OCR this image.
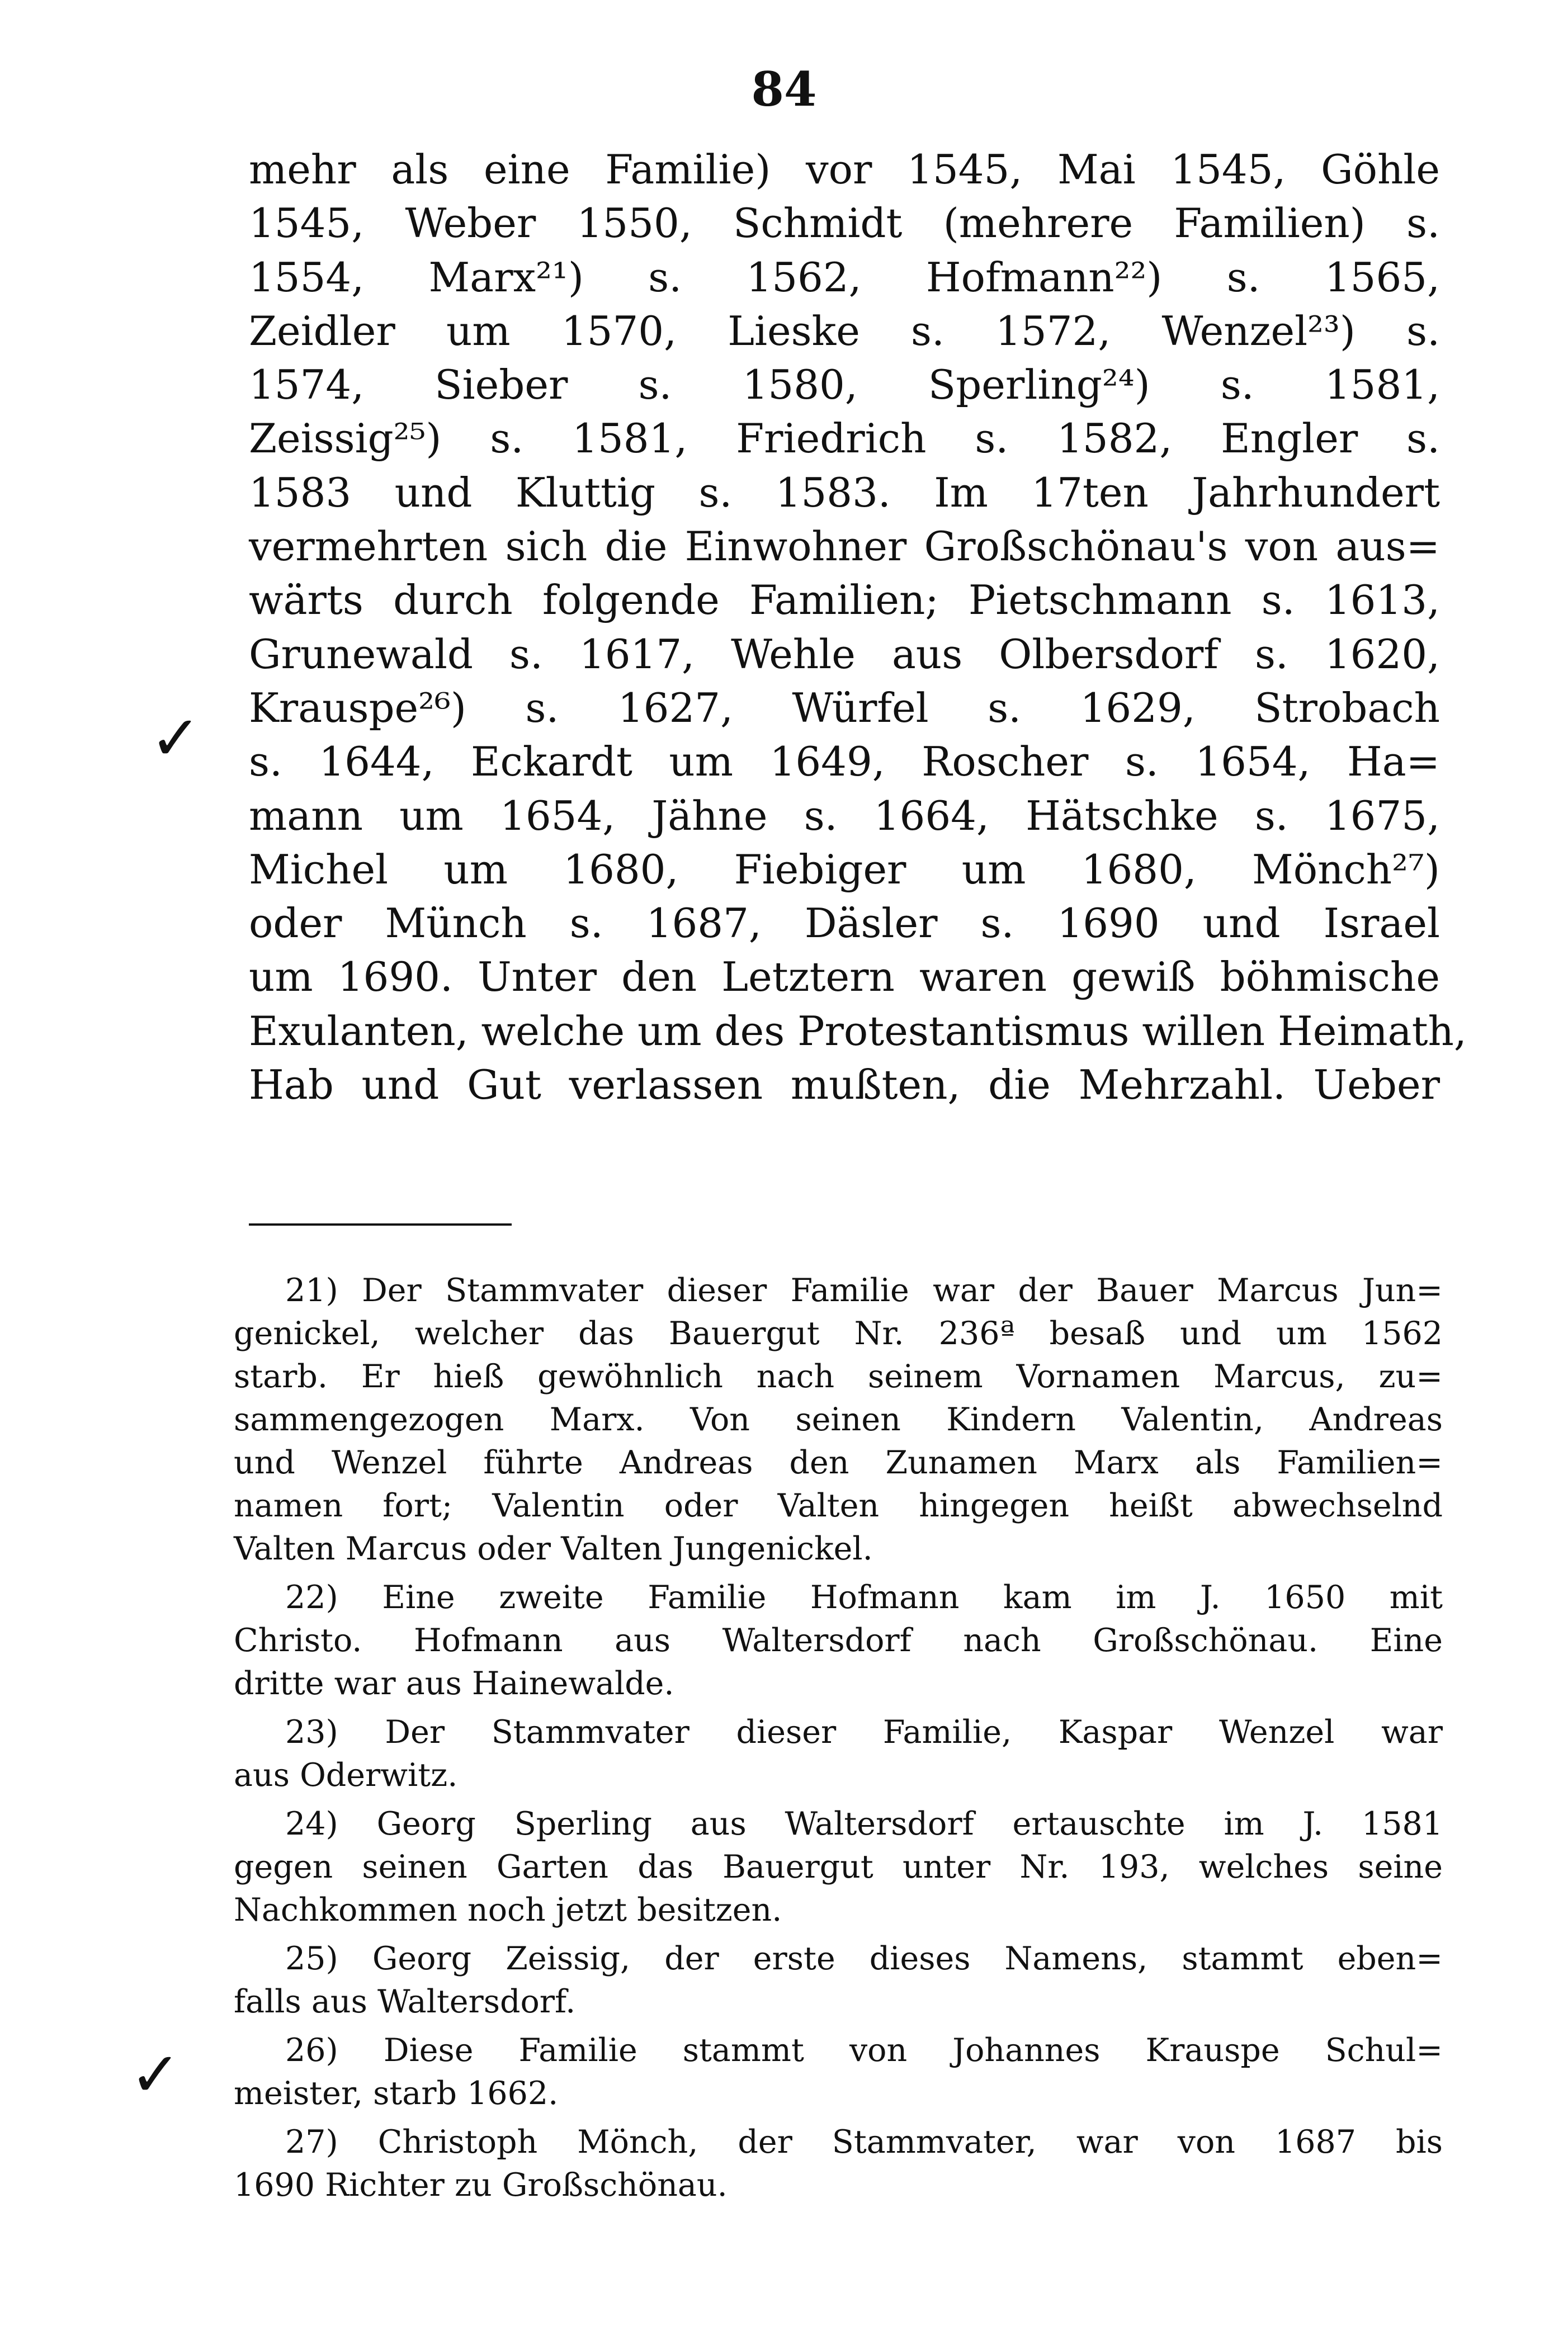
84
✓
✓
mehr als eine Familie) vor 1545, Mai 1545, Göhle
1545, Weber 1550, Schmidt (mehrere Familien) s.
1554, Marx²¹) s. 1562, Hofmann²²) s. 1565,
Zeidler um 1570, Lieske s. 1572, Wenzel²³) s.
1574, Sieber s. 1580, Sperling²⁴) s. 1581,
Zeissig²⁵) s. 1581, Friedrich s. 1582, Engler s.
1583 und Kluttig s. 1583. Im 17ten Jahrhundert
vermehrten sich die Einwohner Großschönau's von aus=
wärts durch folgende Familien; Pietschmann s. 1613,
Grunewald s. 1617, Wehle aus Olbersdorf s. 1620,
Krauspe²⁶) s. 1627, Würfel s. 1629, Strobach
s. 1644, Eckardt um 1649, Roscher s. 1654, Ha=
mann um 1654, Jähne s. 1664, Hätschke s. 1675,
Michel um 1680, Fiebiger um 1680, Mönch²⁷)
oder Münch s. 1687, Däsler s. 1690 und Israel
um 1690. Unter den Letztern waren gewiß böhmische
Exulanten, welche um des Protestantismus willen Heimath,
Hab und Gut verlassen mußten, die Mehrzahl. Ueber
21) Der Stammvater dieser Familie war der Bauer Marcus Jun=
genickel, welcher das Bauergut Nr. 236ª besaß und um 1562
starb. Er hieß gewöhnlich nach seinem Vornamen Marcus, zu=
sammengezogen Marx. Von seinen Kindern Valentin, Andreas
und Wenzel führte Andreas den Zunamen Marx als Familien=
namen fort; Valentin oder Valten hingegen heißt abwechselnd
Valten Marcus oder Valten Jungenickel.
22) Eine zweite Familie Hofmann kam im J. 1650 mit
Christo. Hofmann aus Waltersdorf nach Großschönau. Eine
dritte war aus Hainewalde.
23) Der Stammvater dieser Familie, Kaspar Wenzel war
aus Oderwitz.
24) Georg Sperling aus Waltersdorf ertauschte im J. 1581
gegen seinen Garten das Bauergut unter Nr. 193, welches seine
Nachkommen noch jetzt besitzen.
25) Georg Zeissig, der erste dieses Namens, stammt eben=
falls aus Waltersdorf.
26) Diese Familie stammt von Johannes Krauspe Schul=
meister, starb 1662.
27) Christoph Mönch, der Stammvater, war von 1687 bis
1690 Richter zu Großschönau.
